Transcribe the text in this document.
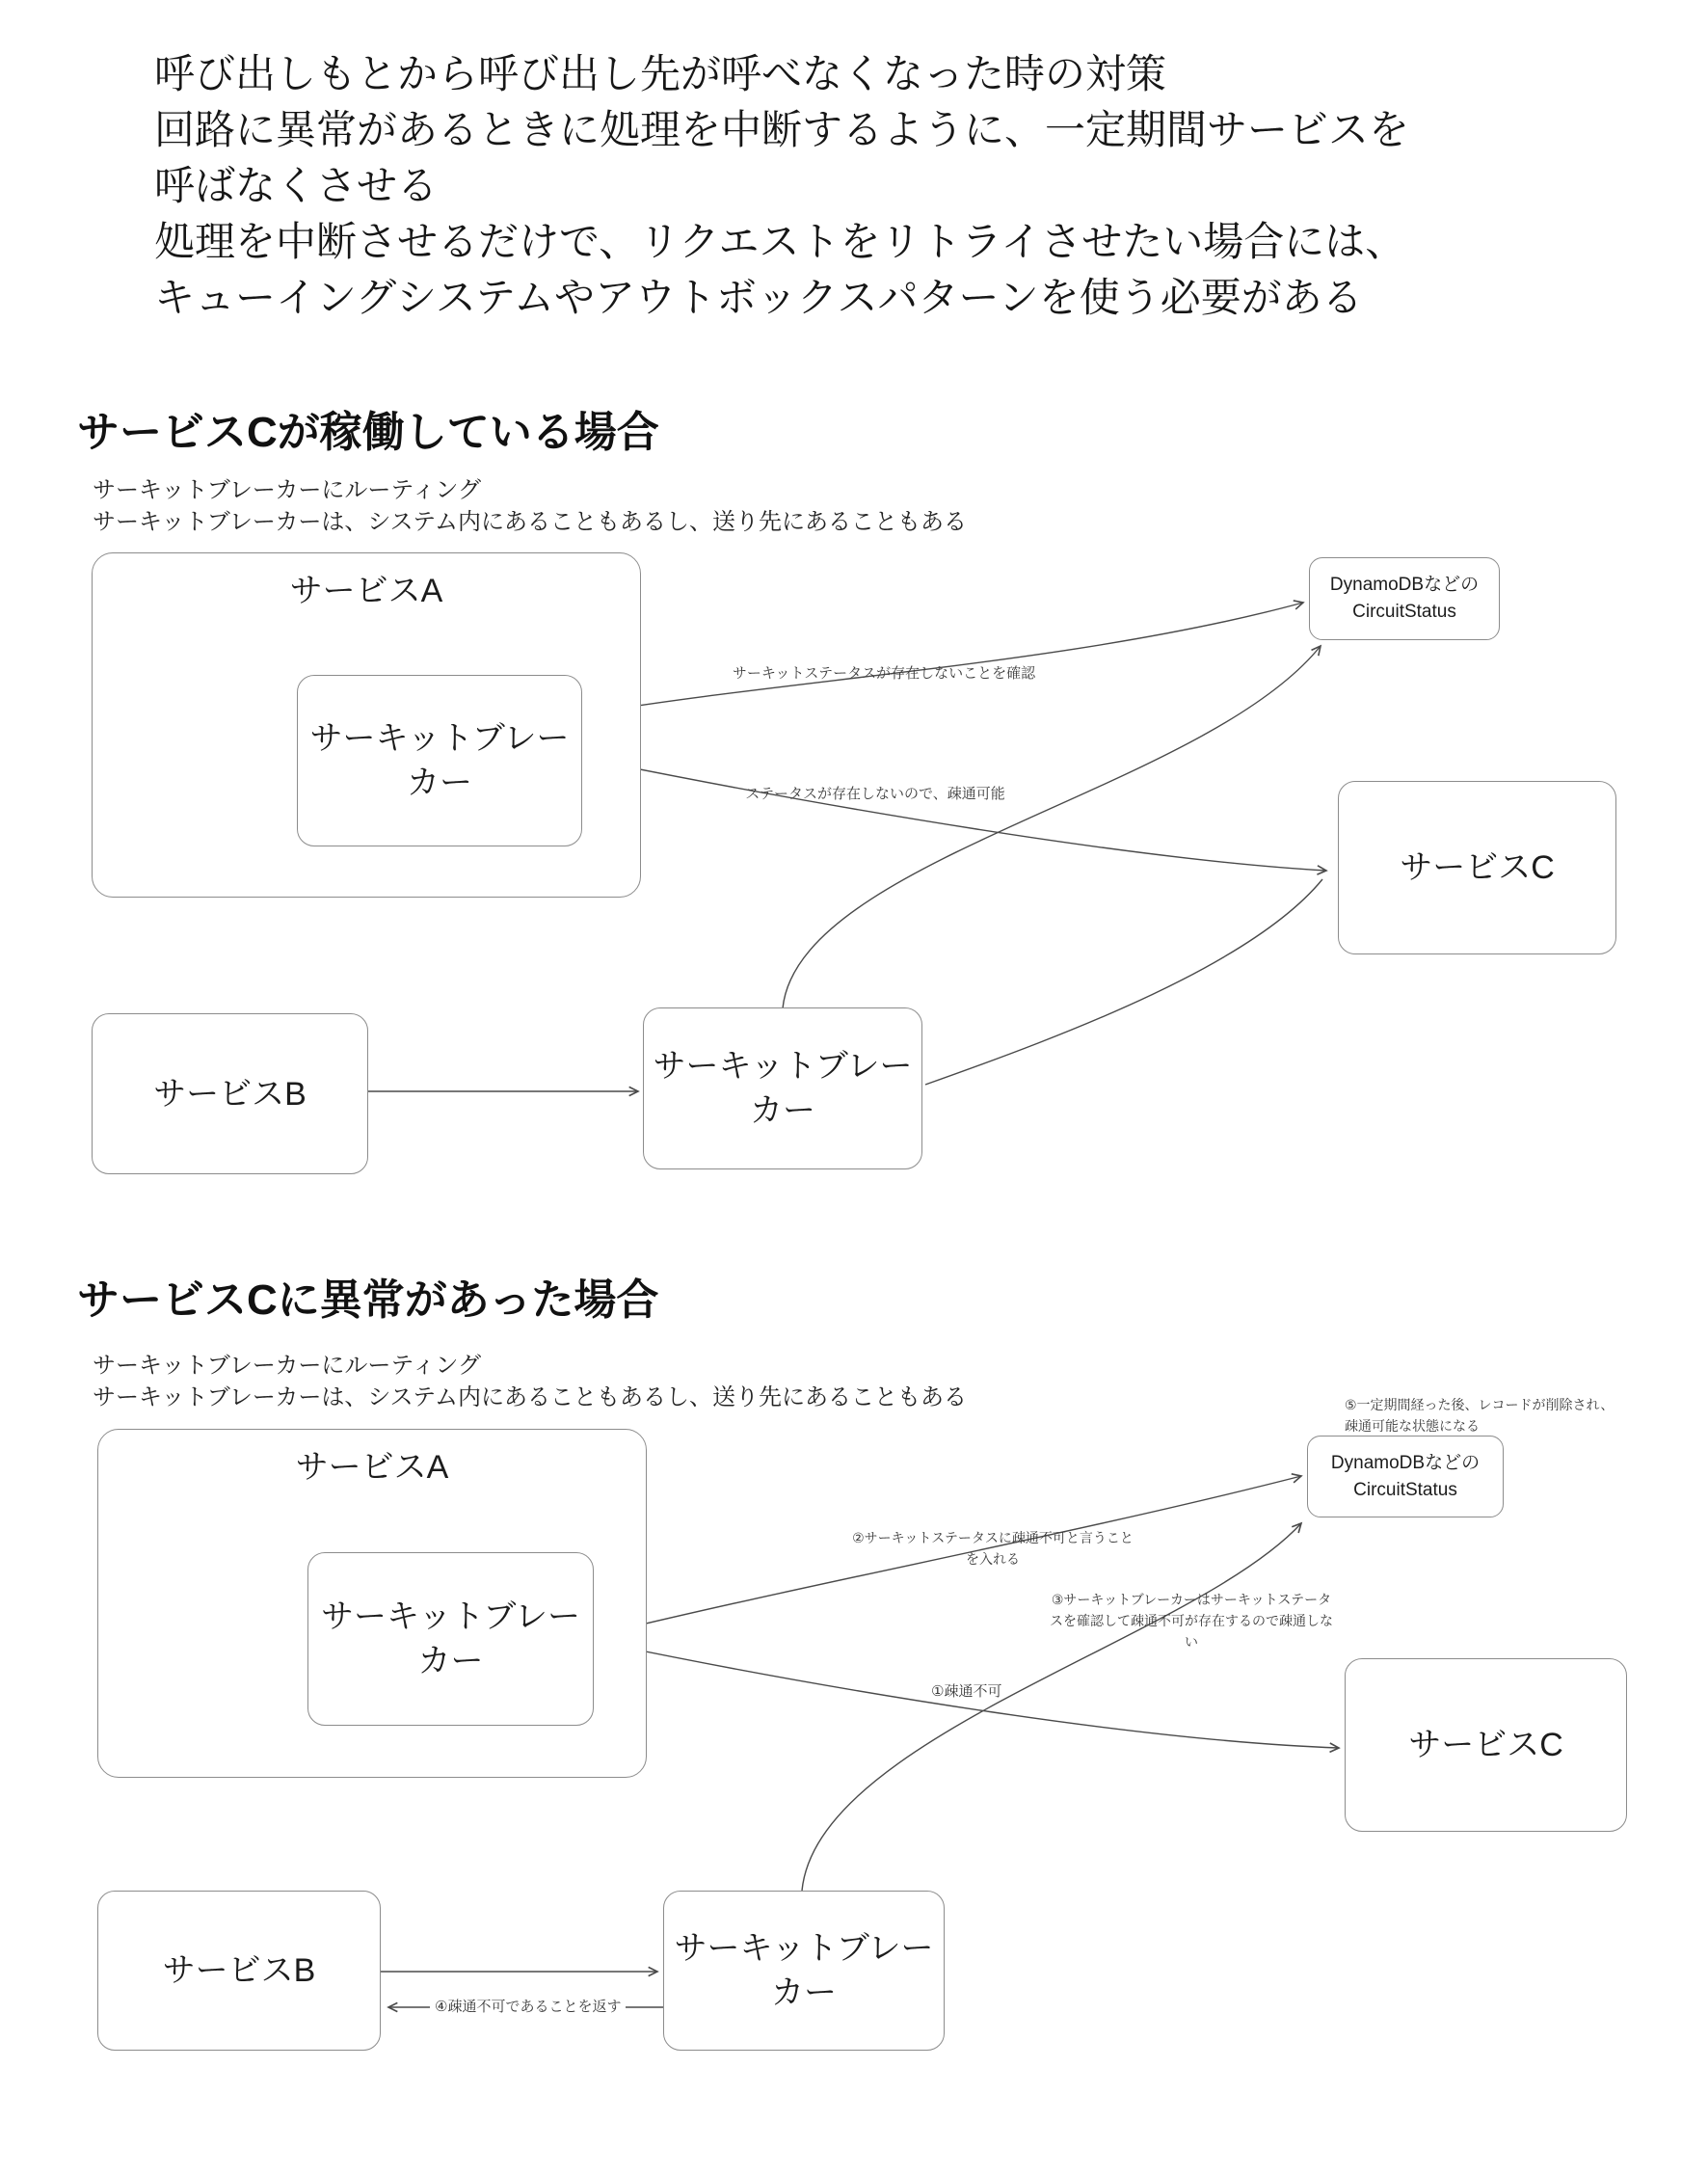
呼び出しもとから呼び出し先が呼べなくなった時の対策
回路に異常があるときに処理を中断するように、一定期間サービスを
呼ばなくさせる
処理を中断させるだけで、リクエストをリトライさせたい場合には、
キューイングシステムやアウトボックスパターンを使う必要がある
サービスCが稼働している場合
サーキットブレーカーにルーティング
サーキットブレーカーは、システム内にあることもあるし、送り先にあることもある
サービスCに異常があった場合
サーキットブレーカーにルーティング
サーキットブレーカーは、システム内にあることもあるし、送り先にあることもある
サービスA
サーキットブレー
カー
DynamoDBなどの
CircuitStatus
サービスC
サービスB
サーキットブレー
カー
サーキットステータスが存在しないことを確認
ステータスが存在しないので、疎通可能
サービスA
サーキットブレー
カー
DynamoDBなどの
CircuitStatus
サービスC
サービスB
サーキットブレー
カー
⑤一定期間経った後、レコードが削除され、
疎通可能な状態になる
②サーキットステータスに疎通不可と言うこと
を入れる
③サーキットブレーカーはサーキットステータ
スを確認して疎通不可が存在するので疎通しな
い
①疎通不可
④疎通不可であることを返す
